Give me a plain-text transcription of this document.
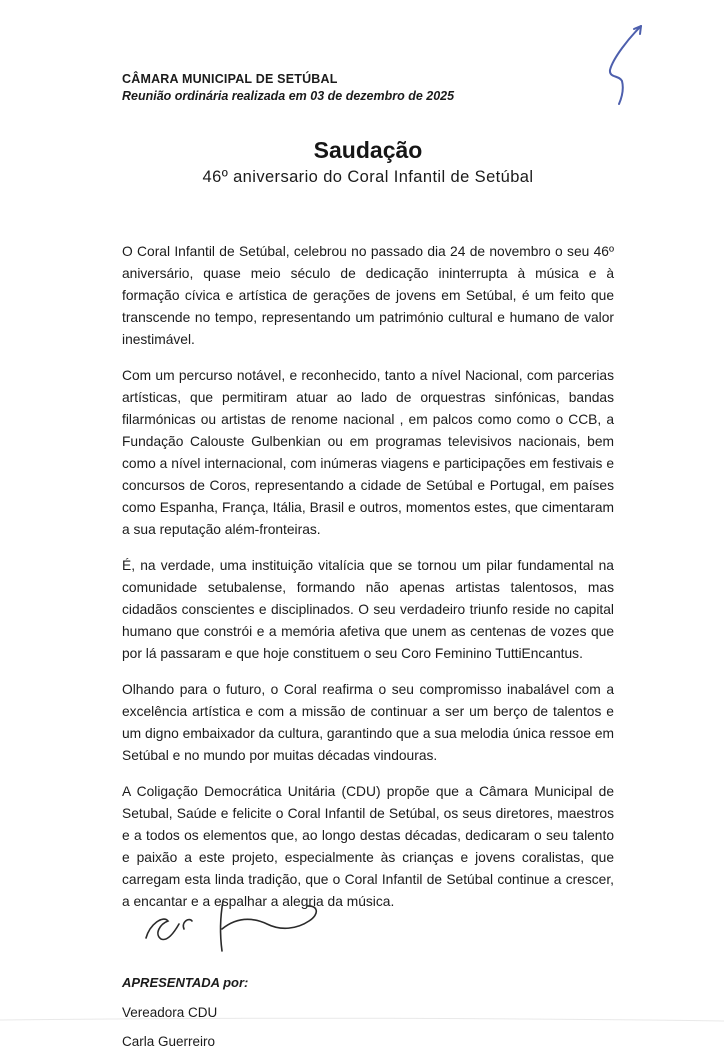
CÂMARA MUNICIPAL DE SETÚBAL
Reunião ordinária realizada em 03 de dezembro de 2025
Saudação
46º aniversario do Coral Infantil de Setúbal

O Coral Infantil de Setúbal, celebrou no passado dia 24 de novembro o seu 46º aniversário, quase meio século de dedicação ininterrupta à música e à formação cívica e artística de gerações de jovens em Setúbal, é um feito que transcende no tempo, representando um património cultural e humano de valor inestimável.

Com um percurso notável, e reconhecido, tanto a nível Nacional, com parcerias artísticas, que permitiram atuar ao lado de orquestras sinfónicas, bandas filarmónicas ou artistas de renome nacional , em palcos como como o CCB, a Fundação Calouste Gulbenkian ou em programas televisivos nacionais, bem como a nível internacional, com inúmeras viagens e participações em festivais e concursos de Coros, representando a cidade de Setúbal e Portugal, em países como Espanha, França, Itália, Brasil e outros, momentos estes, que cimentaram a sua reputação além-fronteiras.

É, na verdade, uma instituição vitalícia que se tornou um pilar fundamental na comunidade setubalense, formando não apenas artistas talentosos, mas cidadãos conscientes e disciplinados. O seu verdadeiro triunfo reside no capital humano que constrói e a memória afetiva que unem as centenas de vozes que por lá passaram e que hoje constituem o seu Coro Feminino TuttiEncantus.

Olhando para o futuro, o Coral reafirma o seu compromisso inabalável com a excelência artística e com a missão de continuar a ser um berço de talentos e um digno embaixador da cultura, garantindo que a sua melodia única ressoe em Setúbal e no mundo por muitas décadas vindouras.

A Coligação Democrática Unitária (CDU) propõe que a Câmara Municipal de Setubal, Saúde e felicite o Coral Infantil de Setúbal, os seus diretores, maestros e a todos os elementos que, ao longo destas décadas, dedicaram o seu talento e paixão a este projeto, especialmente às crianças e jovens coralistas, que carregam esta linda tradição, que o Coral Infantil de Setúbal continue a crescer, a encantar e a espalhar a alegria da música.

APRESENTADA por:
Vereadora CDU
Carla Guerreiro
